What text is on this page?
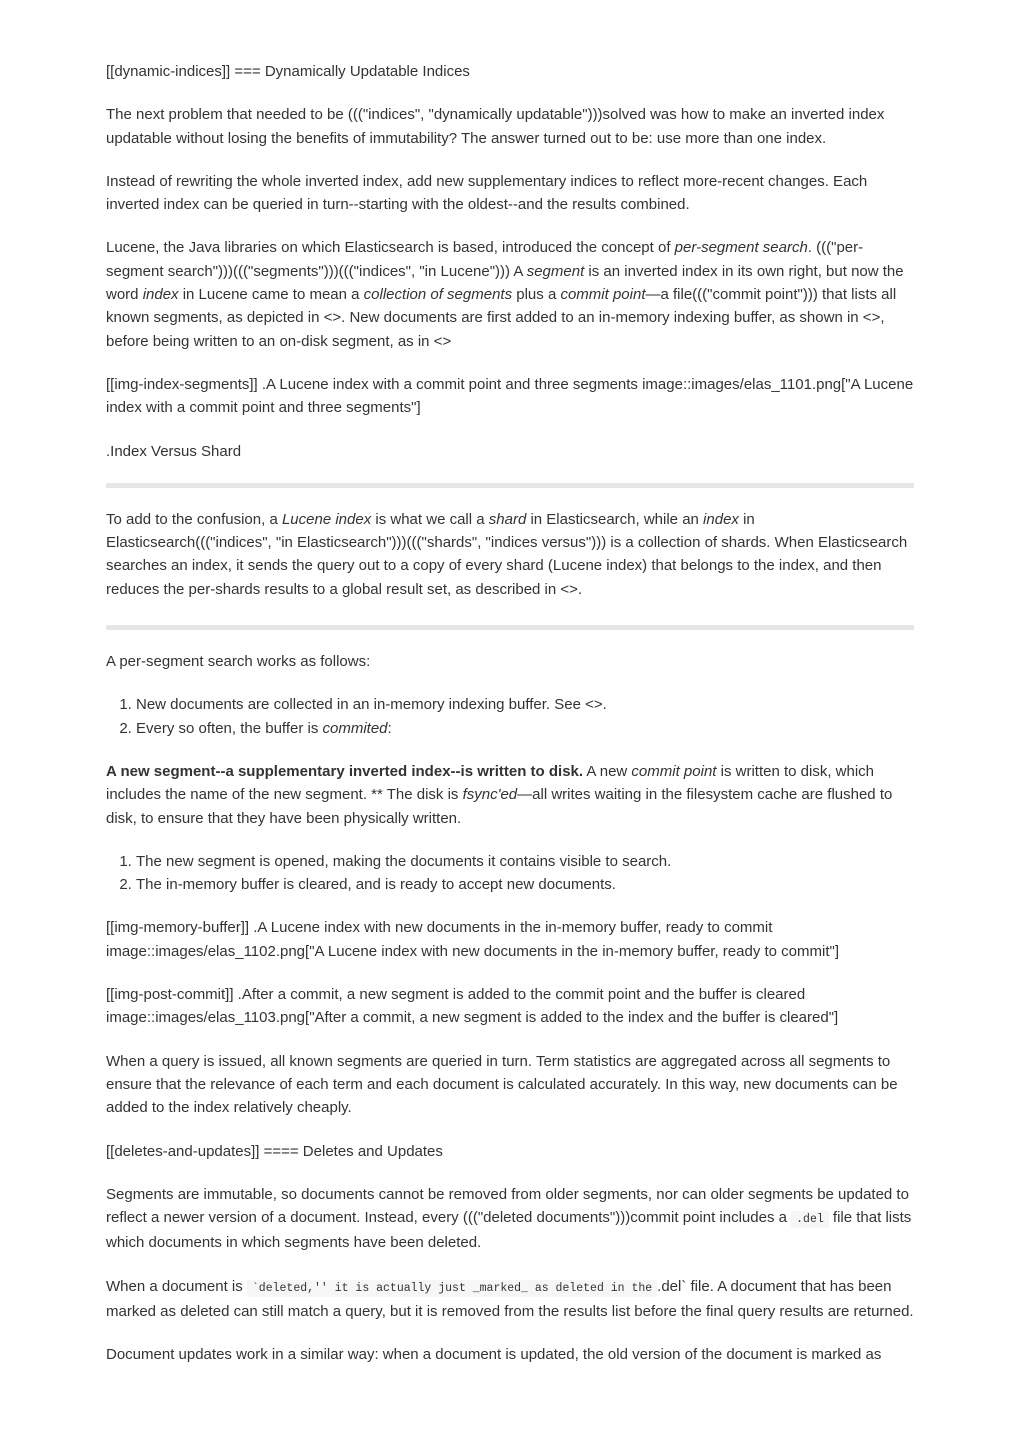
[[dynamic-indices]] === Dynamically Updatable Indices

The next problem that needed to be ((("indices", "dynamically updatable")))solved was how to make an inverted index updatable without losing the benefits of immutability? The answer turned out to be: use more than one index.

Instead of rewriting the whole inverted index, add new supplementary indices to reflect more-recent changes. Each inverted index can be queried in turn--starting with the oldest--and the results combined.

Lucene, the Java libraries on which Elasticsearch is based, introduced the concept of per-segment search. ((("per-segment search")))((("segments")))((("indices", "in Lucene"))) A segment is an inverted index in its own right, but now the word index in Lucene came to mean a collection of segments plus a commit point—a file((("commit point"))) that lists all known segments, as depicted in <>. New documents are first added to an in-memory indexing buffer, as shown in <>, before being written to an on-disk segment, as in <>

[[img-index-segments]] .A Lucene index with a commit point and three segments image::images/elas_1101.png["A Lucene index with a commit point and three segments"]

.Index Versus Shard

To add to the confusion, a Lucene index is what we call a shard in Elasticsearch, while an index in Elasticsearch((("indices", "in Elasticsearch")))((("shards", "indices versus"))) is a collection of shards. When Elasticsearch searches an index, it sends the query out to a copy of every shard (Lucene index) that belongs to the index, and then reduces the per-shards results to a global result set, as described in <>.

A per-segment search works as follows:

1. New documents are collected in an in-memory indexing buffer. See <>.
2. Every so often, the buffer is commited:

A new segment--a supplementary inverted index--is written to disk. A new commit point is written to disk, which includes the name of the new segment. ** The disk is fsync'ed—all writes waiting in the filesystem cache are flushed to disk, to ensure that they have been physically written.

1. The new segment is opened, making the documents it contains visible to search.
2. The in-memory buffer is cleared, and is ready to accept new documents.

[[img-memory-buffer]] .A Lucene index with new documents in the in-memory buffer, ready to commit image::images/elas_1102.png["A Lucene index with new documents in the in-memory buffer, ready to commit"]

[[img-post-commit]] .After a commit, a new segment is added to the commit point and the buffer is cleared image::images/elas_1103.png["After a commit, a new segment is added to the index and the buffer is cleared"]

When a query is issued, all known segments are queried in turn. Term statistics are aggregated across all segments to ensure that the relevance of each term and each document is calculated accurately. In this way, new documents can be added to the index relatively cheaply.

[[deletes-and-updates]] ==== Deletes and Updates

Segments are immutable, so documents cannot be removed from older segments, nor can older segments be updated to reflect a newer version of a document. Instead, every ((("deleted documents")))commit point includes a .del file that lists which documents in which segments have been deleted.

When a document is `deleted,'' it is actually just _marked_ as deleted in the .del` file. A document that has been marked as deleted can still match a query, but it is removed from the results list before the final query results are returned.

Document updates work in a similar way: when a document is updated, the old version of the document is marked as
